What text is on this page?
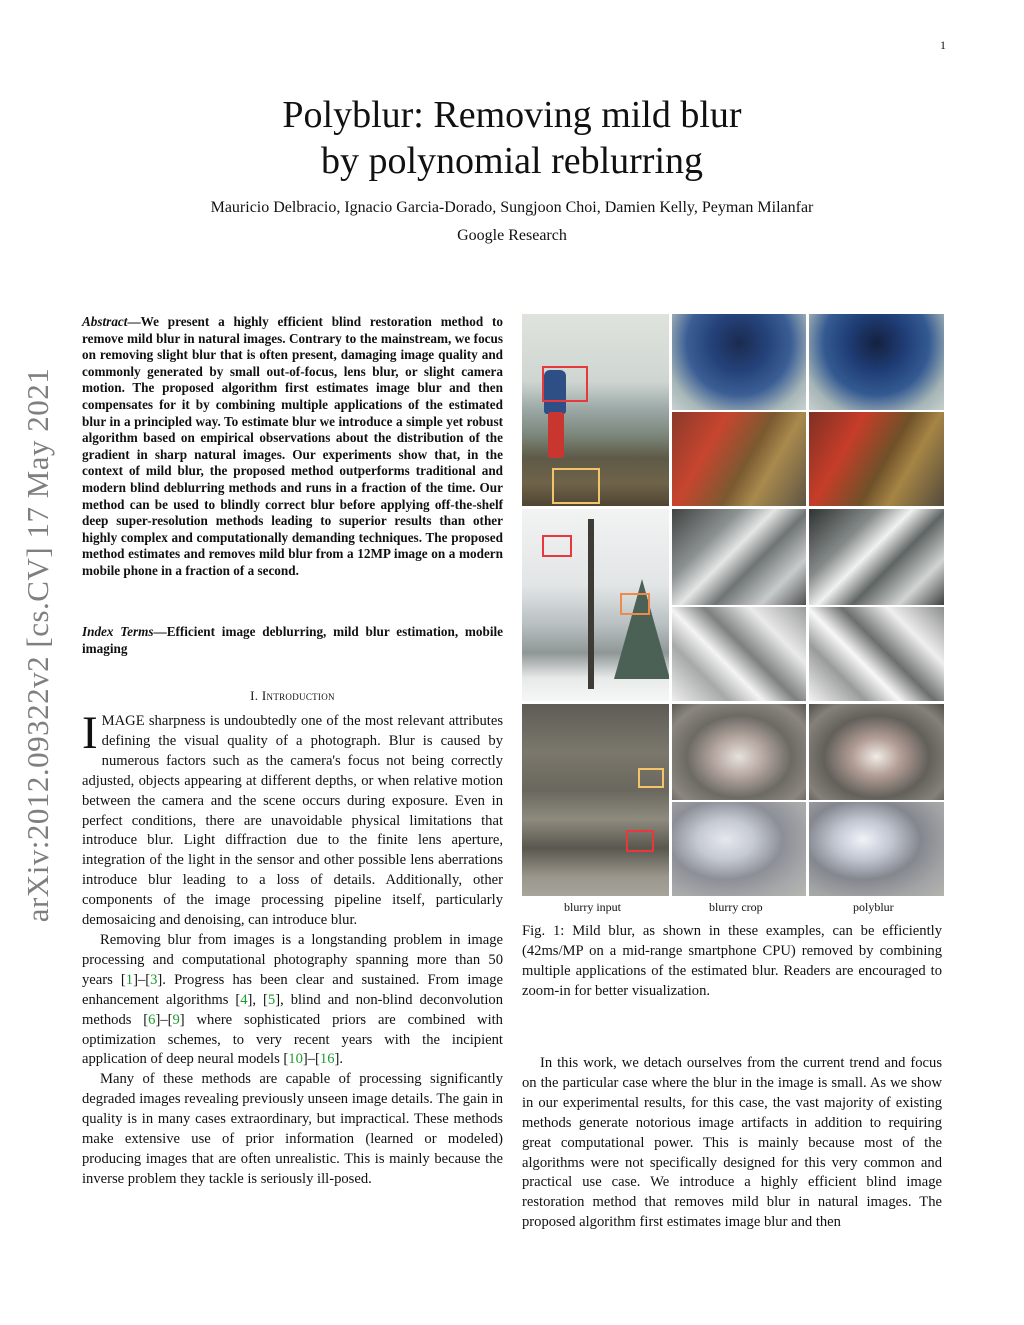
1
arXiv:2012.09322v2 [cs.CV] 17 May 2021
Polyblur: Removing mild blur
by polynomial reblurring
Mauricio Delbracio, Ignacio Garcia-Dorado, Sungjoon Choi, Damien Kelly, Peyman Milanfar
Google Research
Abstract—We present a highly efficient blind restoration method to remove mild blur in natural images. Contrary to the mainstream, we focus on removing slight blur that is often present, damaging image quality and commonly generated by small out-of-focus, lens blur, or slight camera motion. The proposed algorithm first estimates image blur and then compensates for it by combining multiple applications of the estimated blur in a principled way. To estimate blur we introduce a simple yet robust algorithm based on empirical observations about the distribution of the gradient in sharp natural images. Our experiments show that, in the context of mild blur, the proposed method outperforms traditional and modern blind deblurring methods and runs in a fraction of the time. Our method can be used to blindly correct blur before applying off-the-shelf deep super-resolution methods leading to superior results than other highly complex and computationally demanding techniques. The proposed method estimates and removes mild blur from a 12MP image on a modern mobile phone in a fraction of a second.
Index Terms—Efficient image deblurring, mild blur estimation, mobile imaging
I. Introduction

IMAGE sharpness is undoubtedly one of the most relevant attributes defining the visual quality of a photograph. Blur is caused by numerous factors such as the camera's focus not being correctly adjusted, objects appearing at different depths, or when relative motion between the camera and the scene occurs during exposure. Even in perfect conditions, there are unavoidable physical limitations that introduce blur. Light diffraction due to the finite lens aperture, integration of the light in the sensor and other possible lens aberrations introduce blur leading to a loss of details. Additionally, other components of the image processing pipeline itself, particularly demosaicing and denoising, can introduce blur.

Removing blur from images is a longstanding problem in image processing and computational photography spanning more than 50 years [1]–[3]. Progress has been clear and sustained. From image enhancement algorithms [4], [5], blind and non-blind deconvolution methods [6]–[9] where sophisticated priors are combined with optimization schemes, to very recent years with the incipient application of deep neural models [10]–[16].

Many of these methods are capable of processing significantly degraded images revealing previously unseen image details. The gain in quality is in many cases extraordinary, but impractical. These methods make extensive use of prior information (learned or modeled) producing images that are often unrealistic. This is mainly because the inverse problem they tackle is seriously ill-posed.

blurry input	blurry crop	polyblur
Fig. 1: Mild blur, as shown in these examples, can be efficiently (42ms/MP on a mid-range smartphone CPU) removed by combining multiple applications of the estimated blur. Readers are encouraged to zoom-in for better visualization.

In this work, we detach ourselves from the current trend and focus on the particular case where the blur in the image is small. As we show in our experimental results, for this case, the vast majority of existing methods generate notorious image artifacts in addition to requiring great computational power. This is mainly because most of the algorithms were not specifically designed for this very common and practical use case. We introduce a highly efficient blind image restoration method that removes mild blur in natural images. The proposed algorithm first estimates image blur and then
